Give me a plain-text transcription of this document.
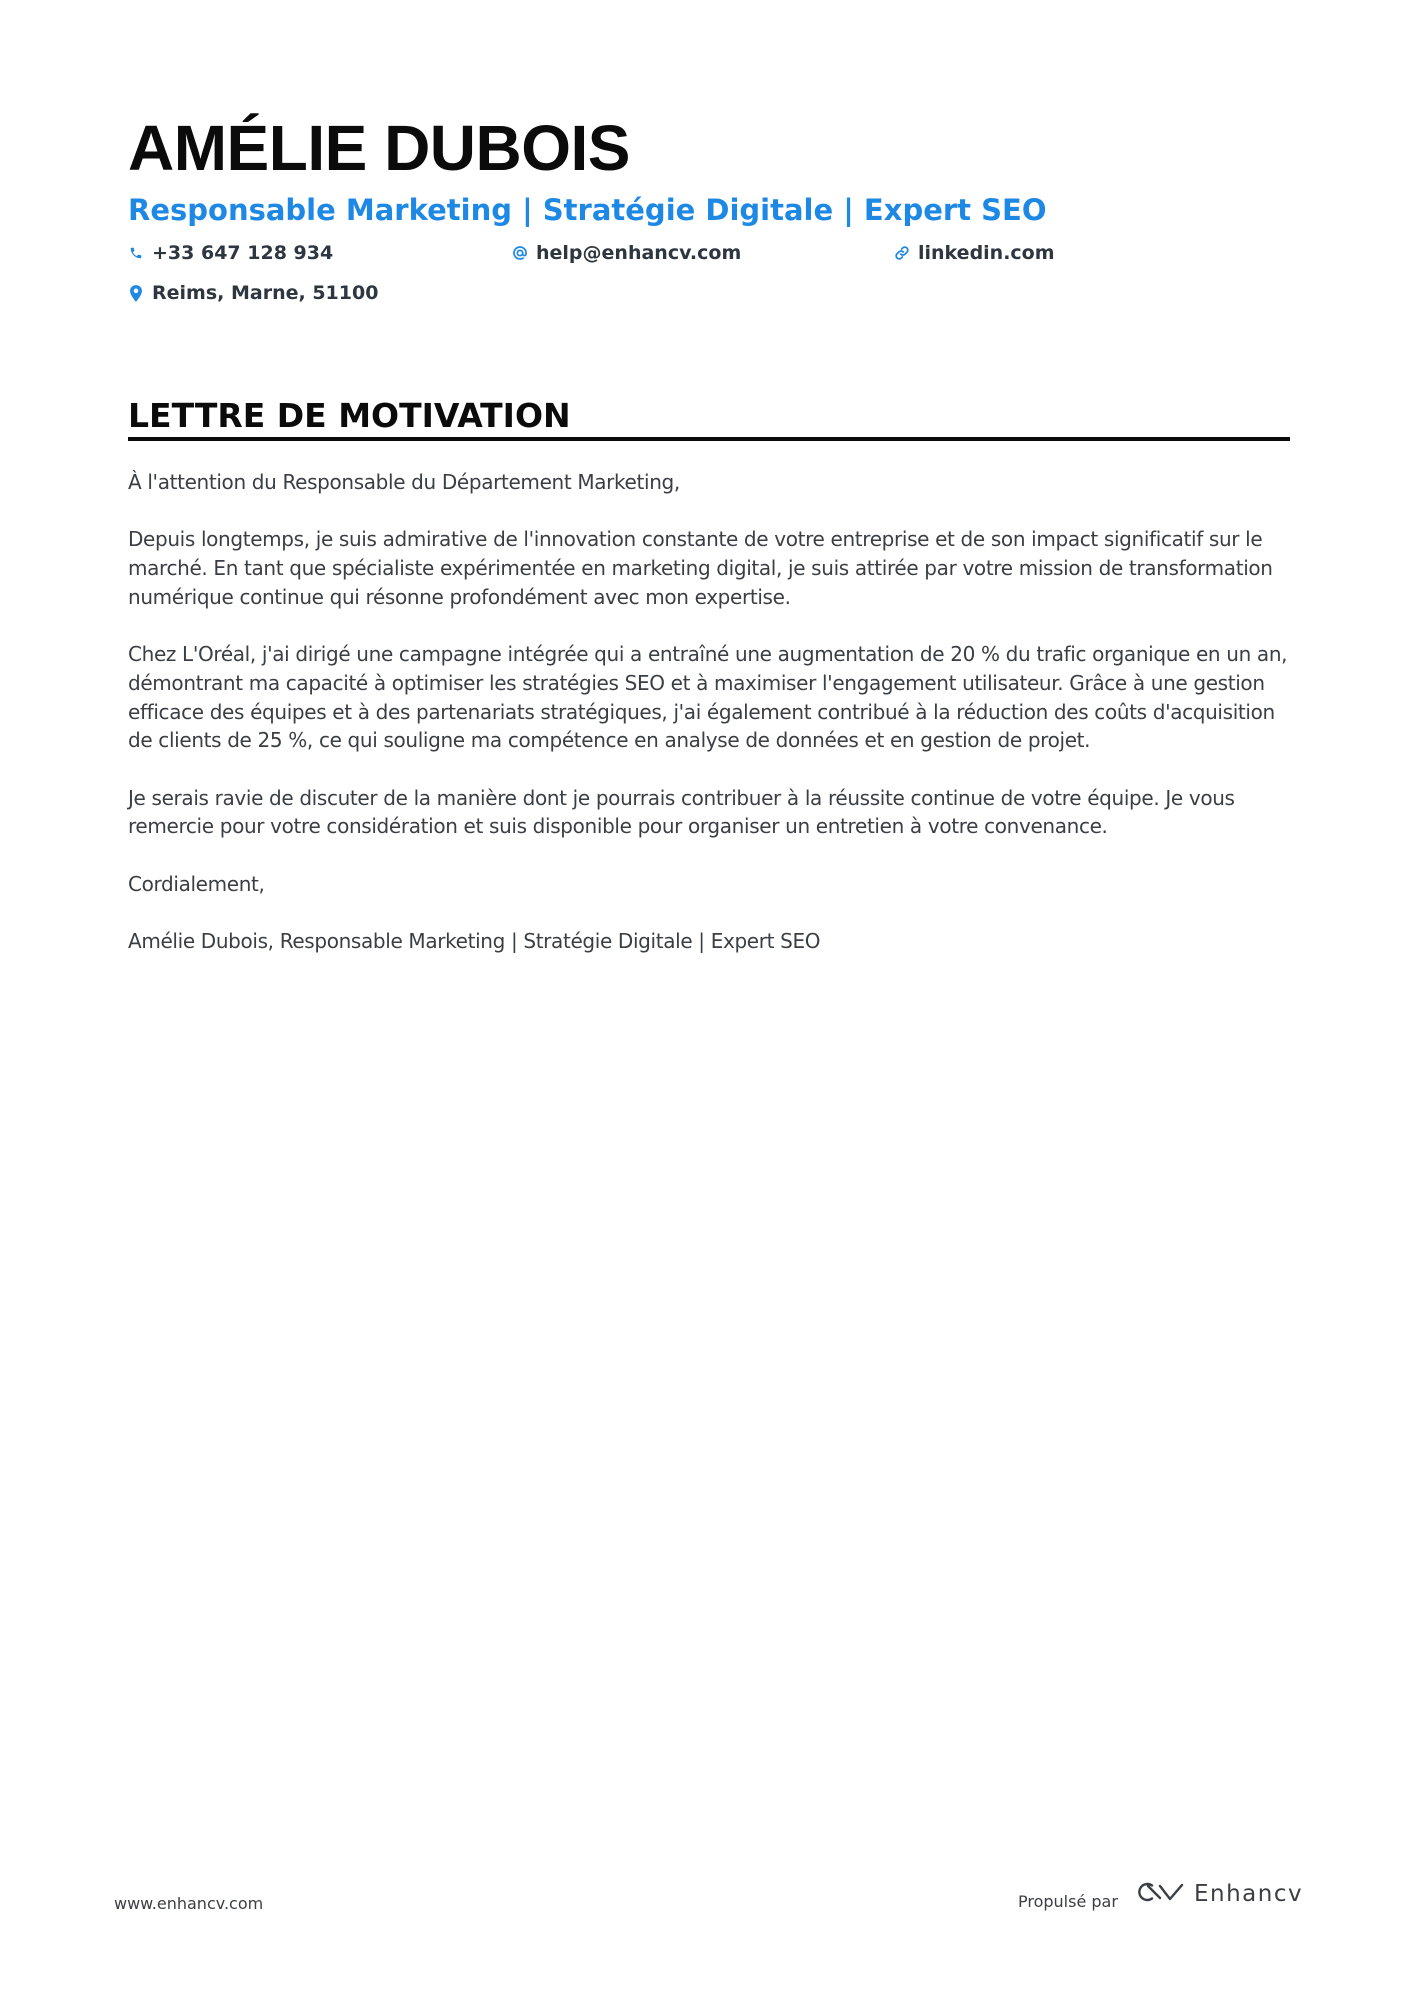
AMÉLIE DUBOIS
Responsable Marketing | Stratégie Digitale | Expert SEO
+33 647 128 934	help@enhancv.com	linkedin.com
Reims, Marne, 51100
LETTRE DE MOTIVATION

À l'attention du Responsable du Département Marketing,

Depuis longtemps, je suis admirative de l'innovation constante de votre entreprise et de son impact significatif sur le marché. En tant que spécialiste expérimentée en marketing digital, je suis attirée par votre mission de transformation numérique continue qui résonne profondément avec mon expertise.

Chez L'Oréal, j'ai dirigé une campagne intégrée qui a entraîné une augmentation de 20 % du trafic organique en un an, démontrant ma capacité à optimiser les stratégies SEO et à maximiser l'engagement utilisateur. Grâce à une gestion efficace des équipes et à des partenariats stratégiques, j'ai également contribué à la réduction des coûts d'acquisition de clients de 25 %, ce qui souligne ma compétence en analyse de données et en gestion de projet.

Je serais ravie de discuter de la manière dont je pourrais contribuer à la réussite continue de votre équipe. Je vous remercie pour votre considération et suis disponible pour organiser un entretien à votre convenance.

Cordialement,

Amélie Dubois, Responsable Marketing | Stratégie Digitale | Expert SEO

www.enhancv.com	Propulsé par	Enhancv
